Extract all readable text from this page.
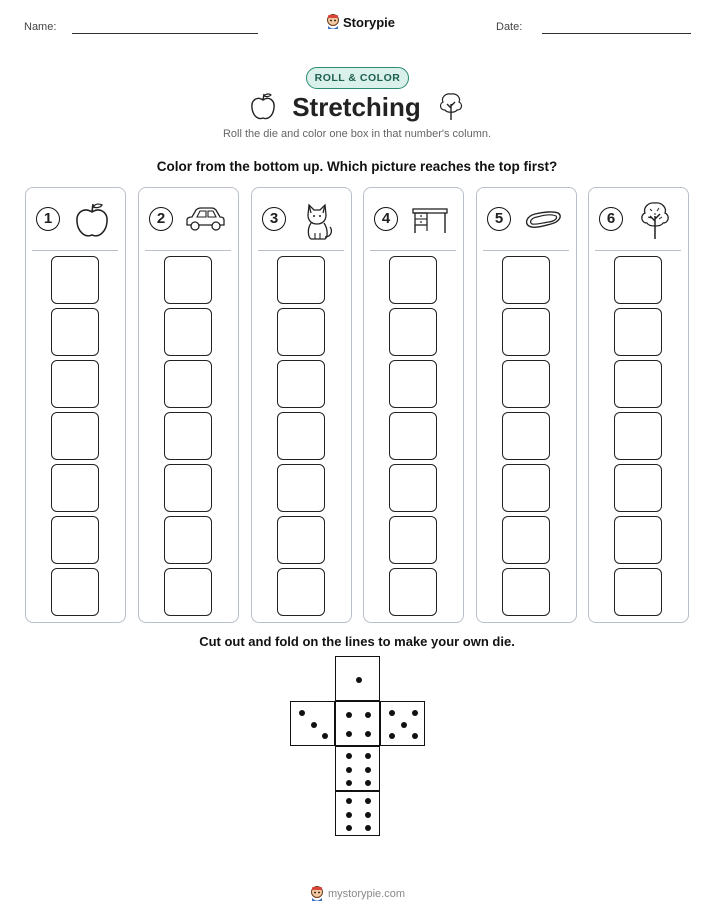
Name:	Storypie	Date:
ROLL & COLOR
Stretching
Roll the die and color one box in that number's column.
Color from the bottom up. Which picture reaches the top first?
1	2	3	4	5	6
Cut out and fold on the lines to make your own die.
mystorypie.com
